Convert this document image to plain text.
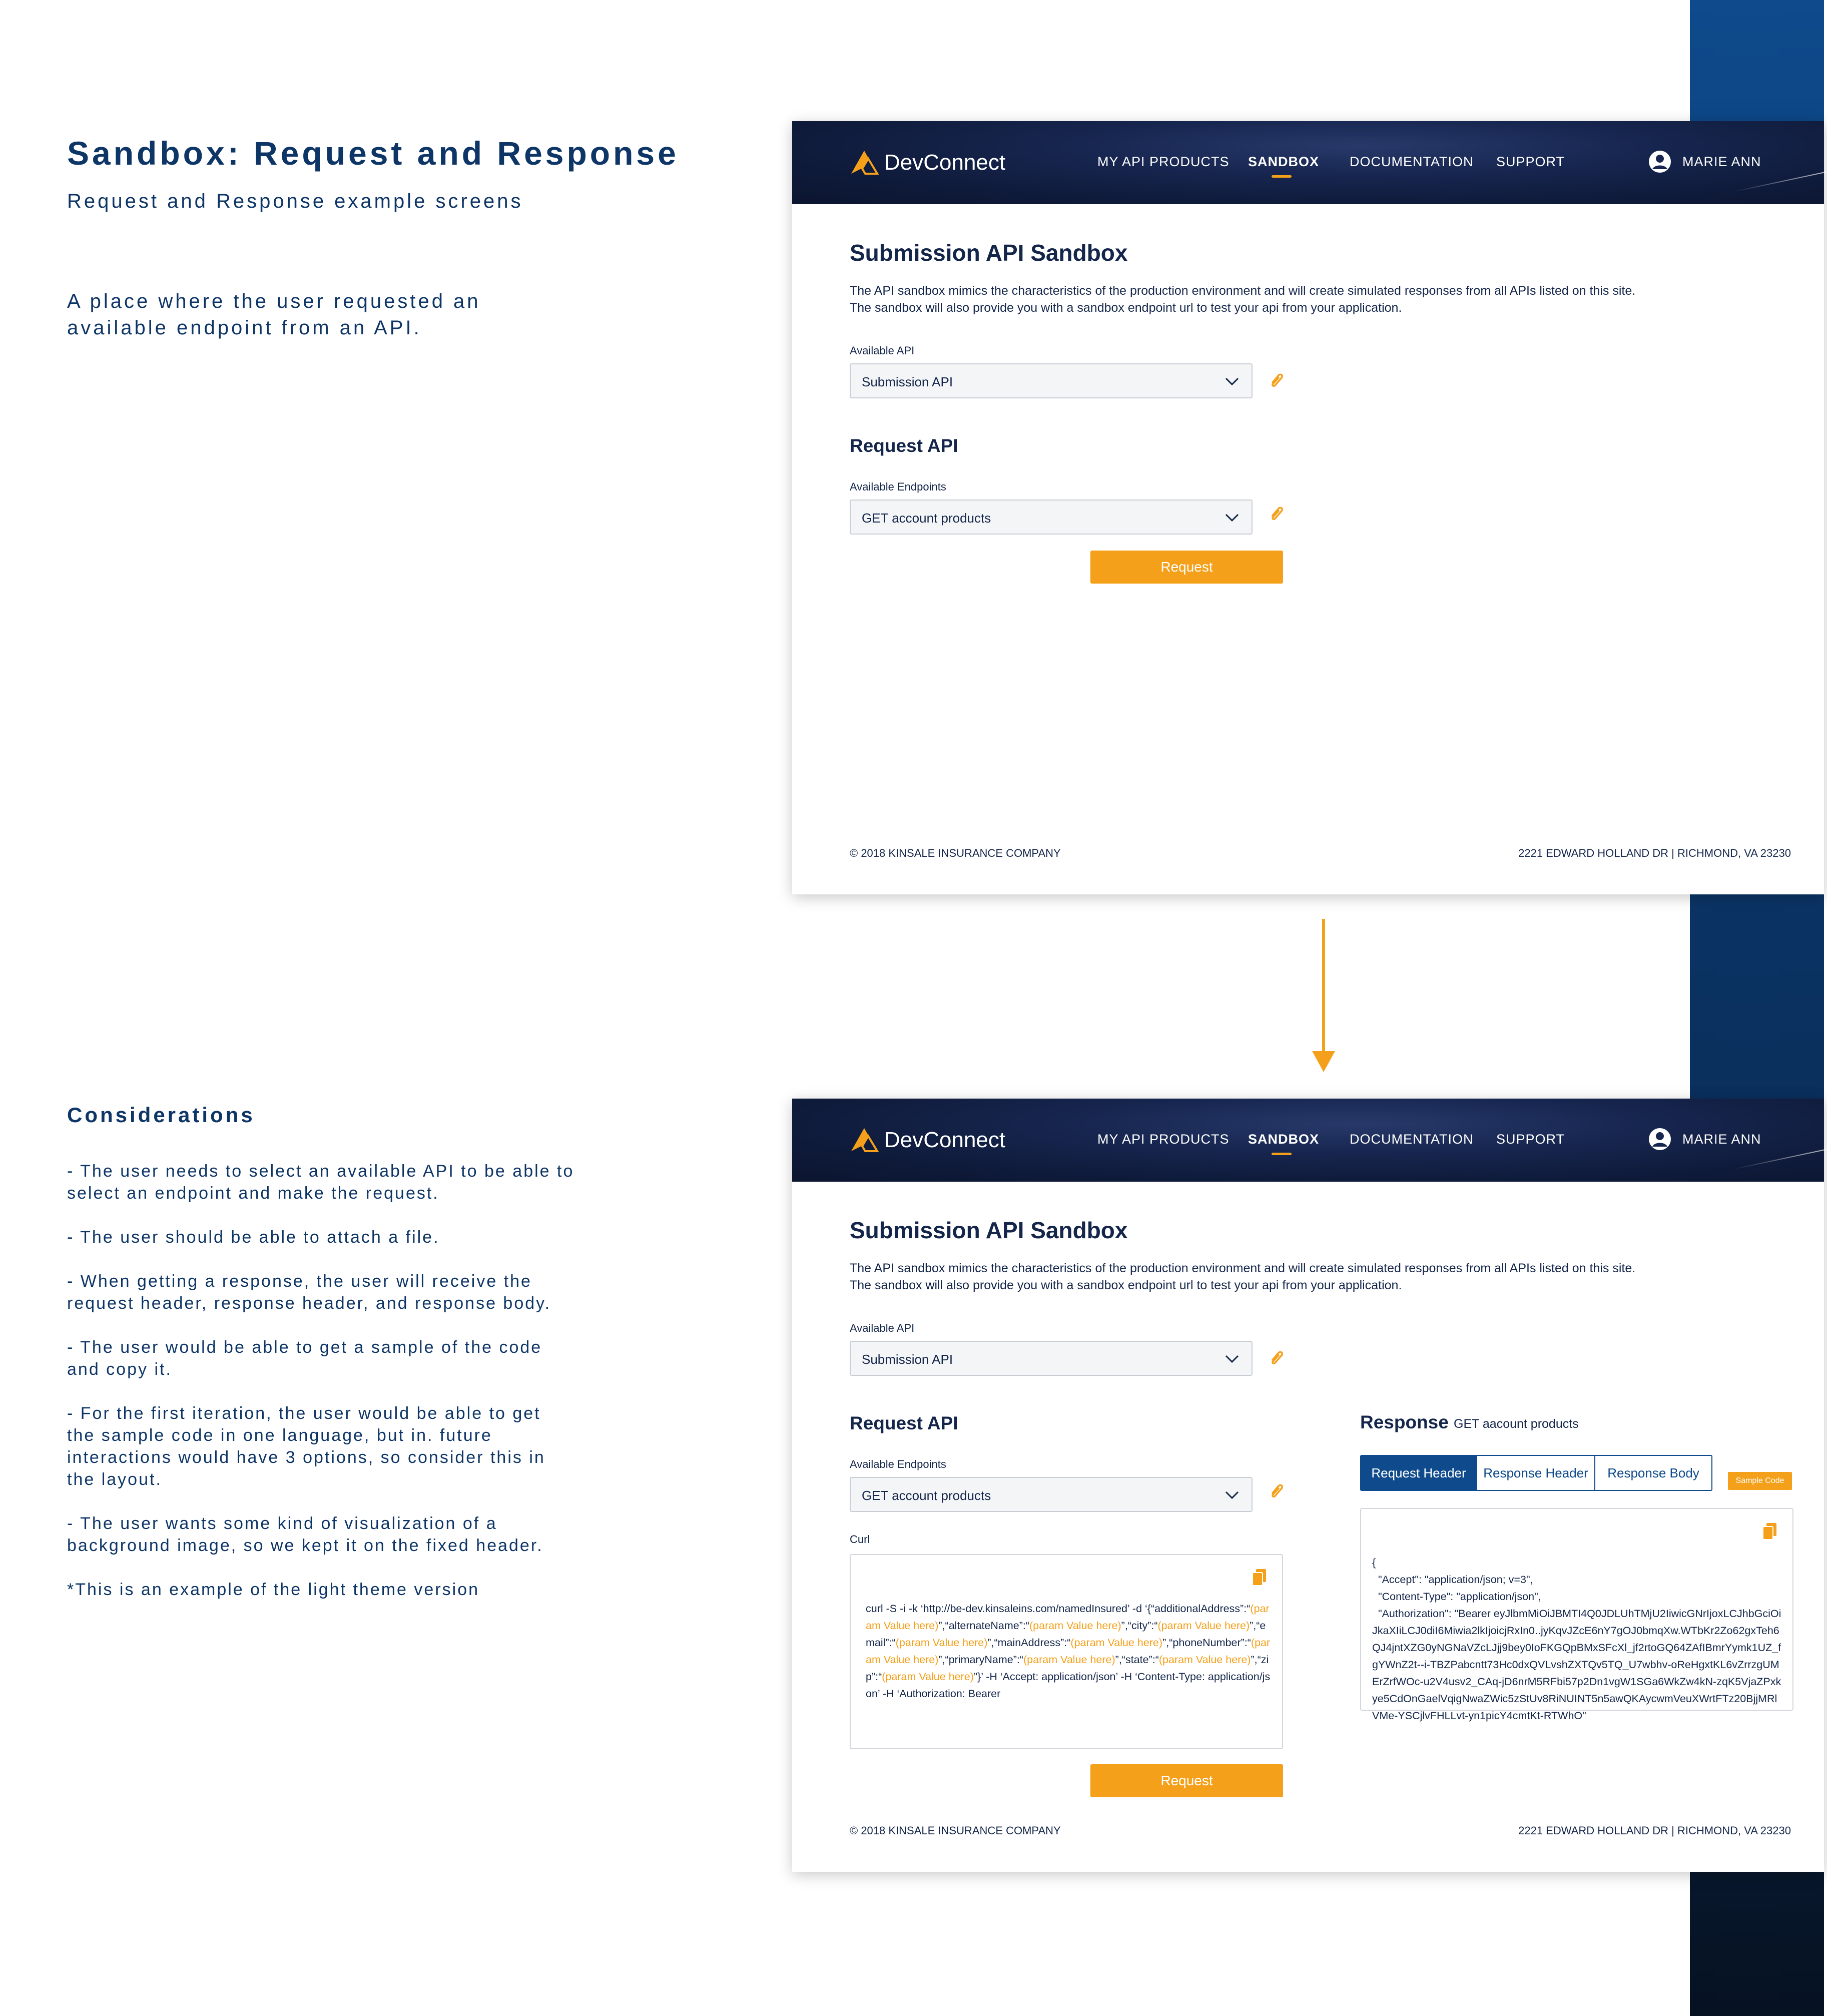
Sandbox: Request and Response
Request and Response example screens
A place where the user requested an available endpoint from an API.
Considerations
- The user needs to select an available API to be able to
select an endpoint and make the request.
- The user should be able to attach a file.
- When getting a response, the user will receive the
request header, response header, and response body.
- The user would be able to get a sample of the code
and copy it.
- For the first iteration, the user would be able to get
the sample code in one language, but in. future
interactions would have 3 options, so consider this in
the layout.
- The user wants some kind of visualization of a
background image, so we kept it on the fixed header.
*This is an example of the light theme version
DevConnect	MY API PRODUCTS SANDBOX DOCUMENTATION SUPPORT	MARIE ANN
Submission API Sandbox
The API sandbox mimics the characteristics of the production environment and will create simulated responses from all APIs listed on this site. The sandbox will also provide you with a sandbox endpoint url to test your api from your application.
Available API
Submission API
Request API
Available Endpoints
GET account products
Request
© 2018 KINSALE INSURANCE COMPANY	2221 EDWARD HOLLAND DR | RICHMOND, VA 23230
DevConnect	MY API PRODUCTS SANDBOX DOCUMENTATION SUPPORT	MARIE ANN
Submission API Sandbox
The API sandbox mimics the characteristics of the production environment and will create simulated responses from all APIs listed on this site. The sandbox will also provide you with a sandbox endpoint url to test your api from your application.
Available API
Submission API
Request API
Available Endpoints
GET account products
Curl
curl -S -i -k ‘http://be-dev.kinsaleins.com/namedInsured’ -d ‘{“additionalAddress”:“(param Value here)”,“alternateName”:“(param Value here)”,“city”:“(param Value here)”,“email”:“(param Value here)”,“mainAddress”:“(param Value here)”,“phoneNumber”:“(param Value here)”,“primaryName”:“(param Value here)”,“state”:“(param Value here)”,“zip”:“(param Value here)”}’ -H ‘Accept: application/json’ -H ‘Content-Type: application/json’ -H ‘Authorization: Bearer
Request
Response GET aacount products
Request Header	Response Header	Response Body
Sample Code
{
"Accept": "application/json; v=3",
"Content-Type": "application/json",
"Authorization": "Bearer eyJlbmMiOiJBMTI4Q0JDLUhTMjU2IiwicGNrIjoxLCJhbGciOiJkaXIiLCJ0diI6Miwia2lkIjoicjRxIn0..jyKqvJZcE6nY7gOJ0bmqXw.WTbKr2Zo62gxTeh6QJ4jntXZG0yNGNaVZcLJjj9bey0IoFKGQpBMxSFcXl_jf2rtoGQ64ZAfIBmrYymk1UZ_fgYWnZ2t--i-TBZPabcntt73Hc0dxQVLvshZXTQv5TQ_U7wbhv-oReHgxtKL6vZrrzgUMErZrfWOc-u2V4usv2_CAq-jD6nrM5RFbi57p2Dn1vgW1SGa6WkZw4kN-zqK5VjaZPxkye5CdOnGaelVqigNwaZWic5zStUv8RiNUINT5n5awQKAycwmVeuXWrtFTz20BjjMRlVMe-YSCjlvFHLLvt-yn1picY4cmtKt-RTWhO"
© 2018 KINSALE INSURANCE COMPANY	2221 EDWARD HOLLAND DR | RICHMOND, VA 23230
